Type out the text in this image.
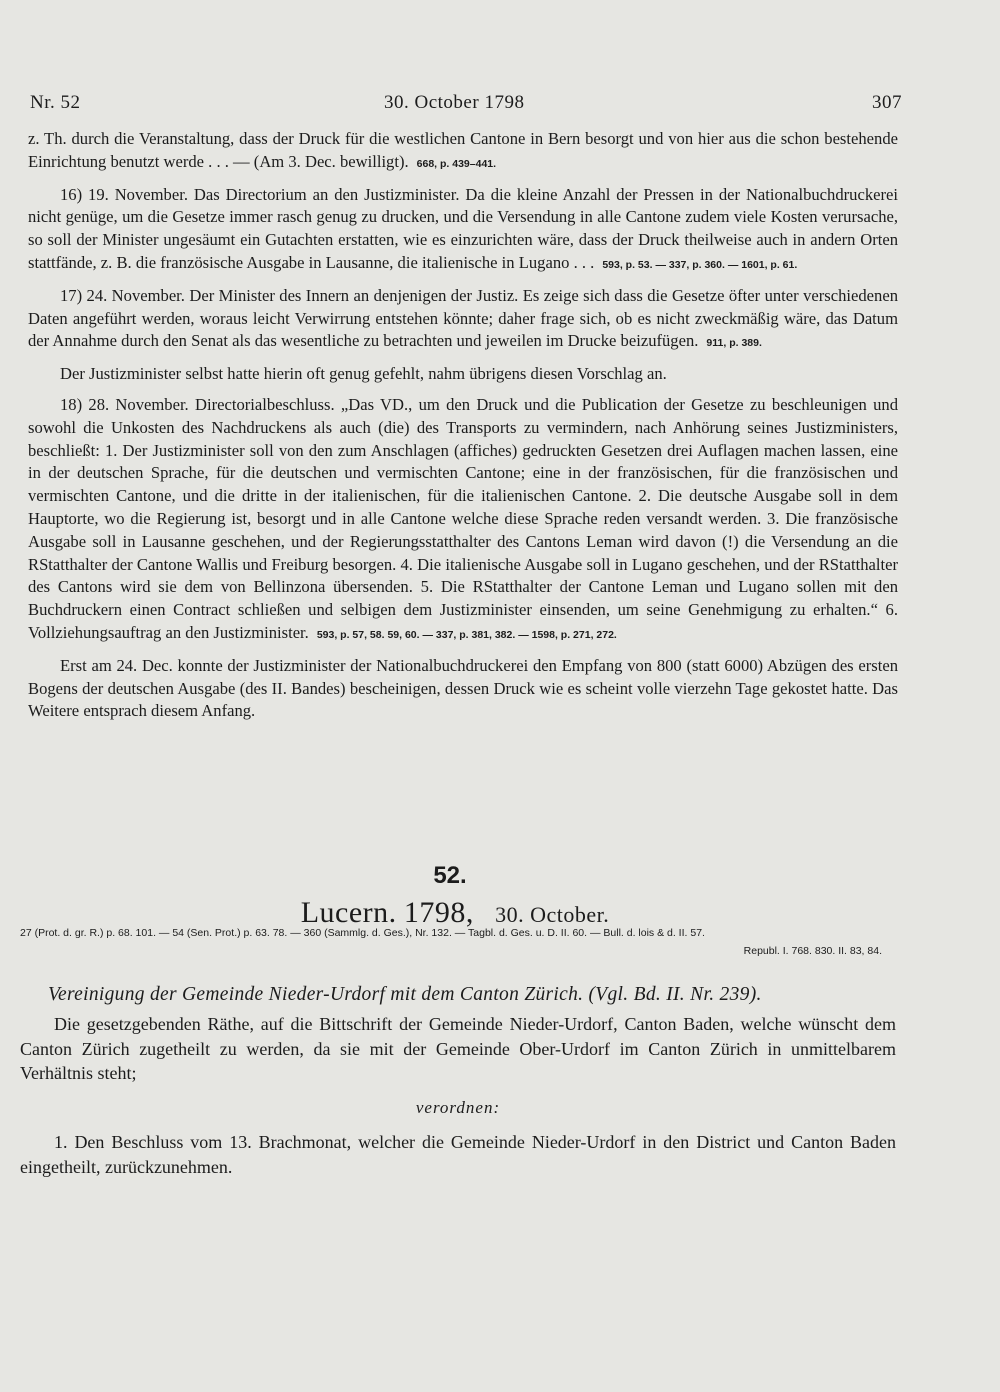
Nr. 52	30. October 1798	307

z. Th. durch die Veranstaltung, dass der Druck für die westlichen Cantone in Bern besorgt und von hier aus die schon bestehende Einrichtung benutzt werde . . . — (Am 3. Dec. bewilligt). 668, p. 439–441.

16) 19. November. Das Directorium an den Justizminister. Da die kleine Anzahl der Pressen in der Nationalbuchdruckerei nicht genüge, um die Gesetze immer rasch genug zu drucken, und die Versendung in alle Cantone zudem viele Kosten verursache, so soll der Minister ungesäumt ein Gutachten erstatten, wie es einzurichten wäre, dass der Druck theilweise auch in andern Orten stattfände, z. B. die französische Ausgabe in Lausanne, die italienische in Lugano . . . 593, p. 53. — 337, p. 360. — 1601, p. 61.

17) 24. November. Der Minister des Innern an denjenigen der Justiz. Es zeige sich dass die Gesetze öfter unter verschiedenen Daten angeführt werden, woraus leicht Verwirrung entstehen könnte; daher frage sich, ob es nicht zweckmäßig wäre, das Datum der Annahme durch den Senat als das wesentliche zu betrachten und jeweilen im Drucke beizufügen. 911, p. 389.

Der Justizminister selbst hatte hierin oft genug gefehlt, nahm übrigens diesen Vorschlag an.

18) 28. November. Directorialbeschluss. „Das VD., um den Druck und die Publication der Gesetze zu beschleunigen und sowohl die Unkosten des Nachdruckens als auch (die) des Transports zu vermindern, nach Anhörung seines Justizministers, beschließt: 1. Der Justizminister soll von den zum Anschlagen (affiches) gedruckten Gesetzen drei Auflagen machen lassen, eine in der deutschen Sprache, für die deutschen und vermischten Cantone; eine in der französischen, für die französischen und vermischten Cantone, und die dritte in der italienischen, für die italienischen Cantone. 2. Die deutsche Ausgabe soll in dem Hauptorte, wo die Regierung ist, besorgt und in alle Cantone welche diese Sprache reden versandt werden. 3. Die französische Ausgabe soll in Lausanne geschehen, und der Regierungsstatthalter des Cantons Leman wird davon (!) die Versendung an die RStatthalter der Cantone Wallis und Freiburg besorgen. 4. Die italienische Ausgabe soll in Lugano geschehen, und der RStatthalter des Cantons wird sie dem von Bellinzona übersenden. 5. Die RStatthalter der Cantone Leman und Lugano sollen mit den Buchdruckern einen Contract schließen und selbigen dem Justizminister einsenden, um seine Genehmigung zu erhalten.“ 6. Vollziehungsauftrag an den Justizminister. 593, p. 57, 58. 59, 60. — 337, p. 381, 382. — 1598, p. 271, 272.

Erst am 24. Dec. konnte der Justizminister der Nationalbuchdruckerei den Empfang von 800 (statt 6000) Abzügen des ersten Bogens der deutschen Ausgabe (des II. Bandes) bescheinigen, dessen Druck wie es scheint volle vierzehn Tage gekostet hatte. Das Weitere entsprach diesem Anfang.

52.
Lucern. 1798, 30. October.
27 (Prot. d. gr. R.) p. 68. 101. — 54 (Sen. Prot.) p. 63. 78. — 360 (Sammlg. d. Ges.), Nr. 132. — Tagbl. d. Ges. u. D. II. 60. — Bull. d. lois & d. II. 57.
Republ. I. 768. 830. II. 83, 84.
Vereinigung der Gemeinde Nieder-Urdorf mit dem Canton Zürich. (Vgl. Bd. II. Nr. 239).

Die gesetzgebenden Räthe, auf die Bittschrift der Gemeinde Nieder-Urdorf, Canton Baden, welche wünscht dem Canton Zürich zugetheilt zu werden, da sie mit der Gemeinde Ober-Urdorf im Canton Zürich in unmittelbarem Verhältnis steht;

verordnen:

1. Den Beschluss vom 13. Brachmonat, welcher die Gemeinde Nieder-Urdorf in den District und Canton Baden eingetheilt, zurückzunehmen.
